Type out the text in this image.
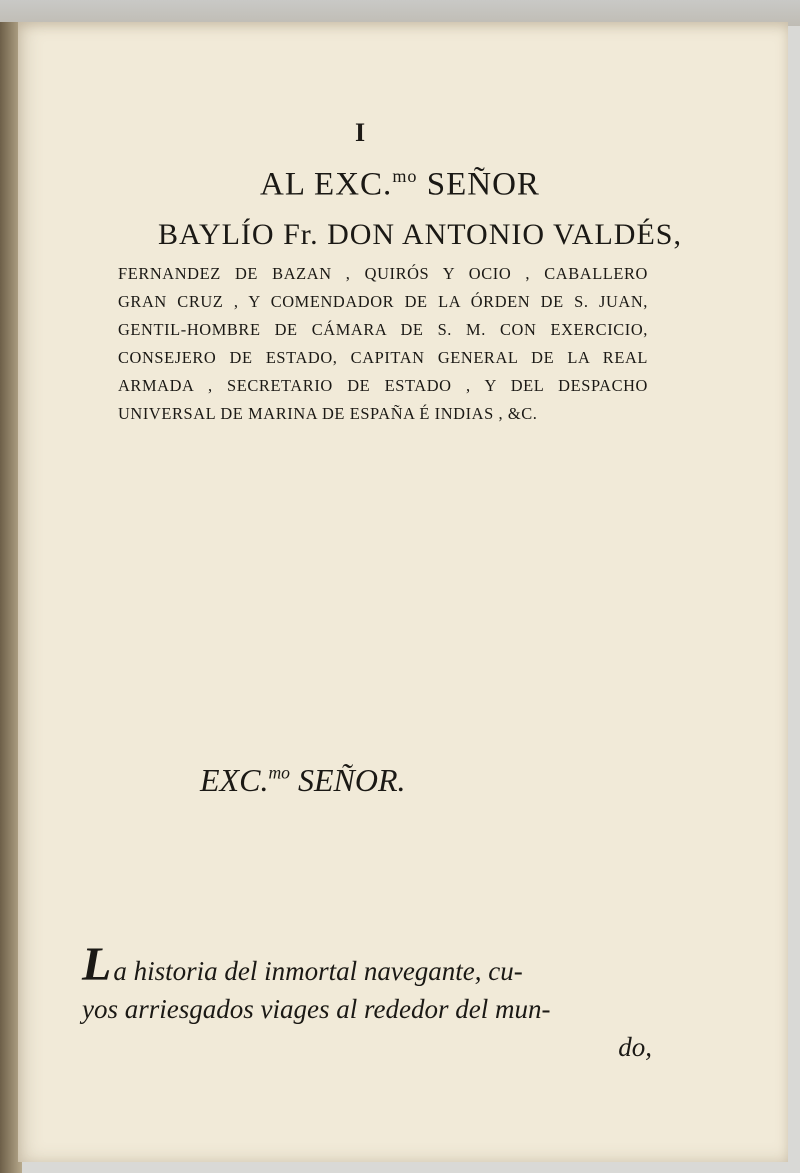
I
AL EXC.$^{mo}$ SEÑOR
BAYLÍO Fr. DON ANTONIO VALDÉS,
FERNANDEZ DE BAZAN , QUIRÓS Y OCIO , CABALLERO
GRAN CRUZ , Y COMENDADOR DE LA ÓRDEN DE S. JUAN,
GENTIL-HOMBRE DE CÁMARA DE S. M. CON EXERCICIO,
CONSEJERO DE ESTADO, CAPITAN GENERAL DE LA REAL
ARMADA , SECRETARIO DE ESTADO , Y DEL DESPACHO
UNIVERSAL DE MARINA DE ESPAÑA É INDIAS , &C.
EXC.$^{mo}$ SEÑOR.
La historia del inmortal navegante, cu-
yos arriesgados viages al rededor del mun-
do,
